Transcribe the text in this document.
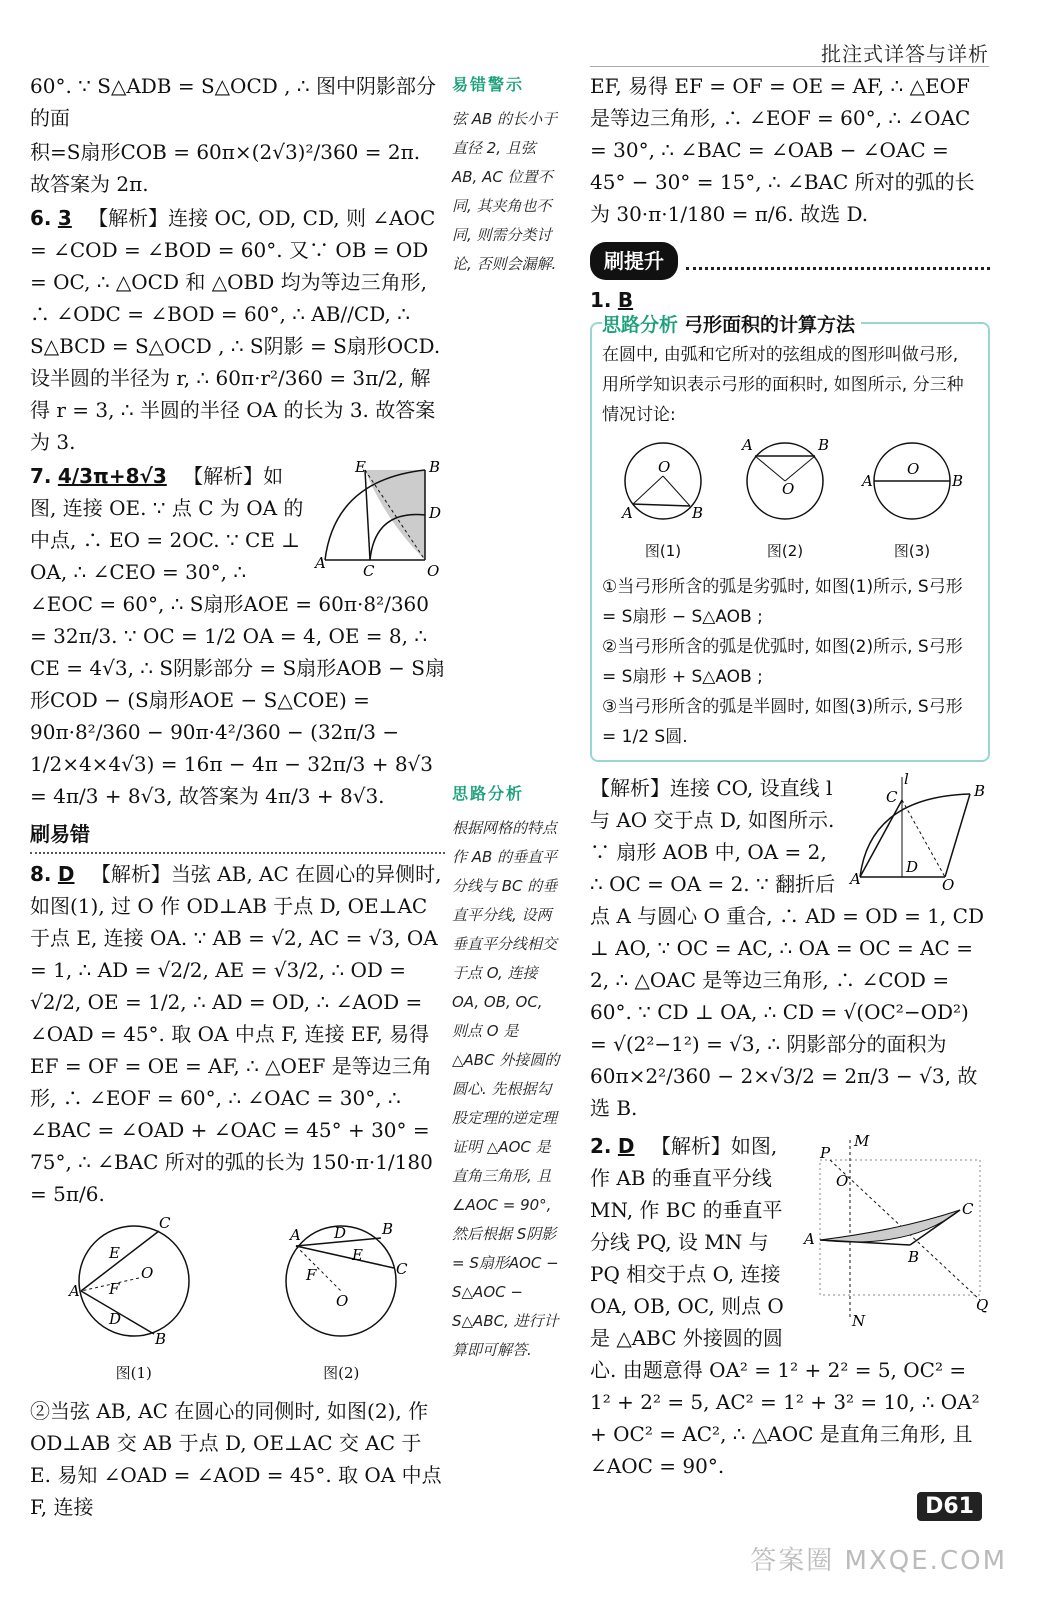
批注式详答与详析

60°. ∵ S△ADB = S△OCD , ∴ 图中阴影部分的面

积=S扇形COB = 60π×(2√3)²/360 = 2π. 故答案为 2π.

6. 3 【解析】连接 OC, OD, CD, 则 ∠AOC = ∠COD = ∠BOD = 60°. 又∵ OB = OD = OC, ∴ △OCD 和 △OBD 均为等边三角形, ∴ ∠ODC = ∠BOD = 60°, ∴ AB//CD, ∴ S△BCD = S△OCD , ∴ S阴影 = S扇形OCD. 设半圆的半径为 r, ∴ 60π·r²/360 = 3π/2, 解得 r = 3, ∴ 半圆的半径 OA 的长为 3. 故答案为 3.

E	B
D
A C	O
7. 4/3π+8√3 【解析】如图, 连接 OE. ∵ 点 C 为 OA 的中点, ∴ EO = 2OC. ∵ CE ⊥ OA, ∴ ∠CEO = 30°, ∴ ∠EOC = 60°, ∴ S扇形AOE = 60π·8²/360 = 32π/3. ∵ OC = 1/2 OA = 4, OE = 8, ∴ CE = 4√3, ∴ S阴影部分 = S扇形AOB − S扇形COD − (S扇形AOE − S△COE) = 90π·8²/360 − 90π·4²/360 − (32π/3 − 1/2×4×4√3) = 16π − 4π − 32π/3 + 8√3 = 4π/3 + 8√3, 故答案为 4π/3 + 8√3.
刷易错

8. D 【解析】当弦 AB, AC 在圆心的异侧时, 如图(1), 过 O 作 OD⊥AB 于点 D, OE⊥AC 于点 E, 连接 OA. ∵ AB = √2, AC = √3, OA = 1, ∴ AD = √2/2, AE = √3/2, ∴ OD = √2/2, OE = 1/2, ∴ AD = OD, ∴ ∠AOD = ∠OAD = 45°. 取 OA 中点 F, 连接 EF, 易得 EF = OF = OE = AF, ∴ △OEF 是等边三角形, ∴ ∠EOF = 60°, ∴ ∠OAC = 30°, ∴ ∠BAC = ∠OAD + ∠OAC = 45° + 30° = 75°, ∴ ∠BAC 所对的弧的长为 150·π·1/180 = 5π/6.

C
E
O
F
A
D
B
图(1)
A D B
E
F	C
O
图(2)

②当弦 AB, AC 在圆心的同侧时, 如图(2), 作 OD⊥AB 交 AB 于点 D, OE⊥AC 交 AC 于 E. 易知 ∠OAD = ∠AOD = 45°. 取 OA 中点 F, 连接

易错警示
弦 AB 的长小于直径 2, 且弦 AB, AC 位置不同, 其夹角也不同, 则需分类讨论, 否则会漏解.
思路分析
根据网格的特点作 AB 的垂直平分线与 BC 的垂直平分线, 设两垂直平分线相交于点 O, 连接 OA, OB, OC, 则点 O 是 △ABC 外接圆的圆心. 先根据勾股定理的逆定理证明 △AOC 是直角三角形, 且 ∠AOC = 90°, 然后根据 S阴影 = S扇形AOC − S△AOC − S△ABC, 进行计算即可解答.

EF, 易得 EF = OF = OE = AF, ∴ △EOF 是等边三角形, ∴ ∠EOF = 60°, ∴ ∠OAC = 30°, ∴ ∠BAC = ∠OAB − ∠OAC = 45° − 30° = 15°, ∴ ∠BAC 所对的弧的长为 30·π·1/180 = π/6. 故选 D.

刷提升
1. B
思路分析 弓形面积的计算方法
在圆中, 由弧和它所对的弦组成的图形叫做弓形, 用所学知识表示弓形的面积时, 如图所示, 分三种情况讨论:
O
A	B
图(1)
A	B
O
图(2)
O
A	B
图(3)
①当弓形所含的弧是劣弧时, 如图(1)所示, S弓形 = S扇形 − S△AOB ;
②当弓形所含的弧是优弧时, 如图(2)所示, S弓形 = S扇形 + S△AOB ;
③当弓形所含的弧是半圆时, 如图(3)所示, S弓形 = 1/2 S圆.
l
C	B
D
A	O
【解析】连接 CO, 设直线 l 与 AO 交于点 D, 如图所示. ∵ 扇形 AOB 中, OA = 2, ∴ OC = OA = 2. ∵ 翻折后点 A 与圆心 O 重合, ∴ AD = OD = 1, CD ⊥ AO, ∵ OC = AC, ∴ OA = OC = AC = 2, ∴ △OAC 是等边三角形, ∴ ∠COD = 60°. ∵ CD ⊥ OA, ∴ CD = √(OC²−OD²) = √(2²−1²) = √3, ∴ 阴影部分的面积为 60π×2²/360 − 2×√3/2 = 2π/3 − √3, 故选 B.
M
P
O
C
A
B
Q
N
2. D 【解析】如图, 作 AB 的垂直平分线 MN, 作 BC 的垂直平分线 PQ, 设 MN 与 PQ 相交于点 O, 连接 OA, OB, OC, 则点 O 是 △ABC 外接圆的圆心. 由题意得 OA² = 1² + 2² = 5, OC² = 1² + 2² = 5, AC² = 1² + 3² = 10, ∴ OA² + OC² = AC², ∴ △AOC 是直角三角形, 且 ∠AOC = 90°.
D61
答案圈 MXQE.COM
